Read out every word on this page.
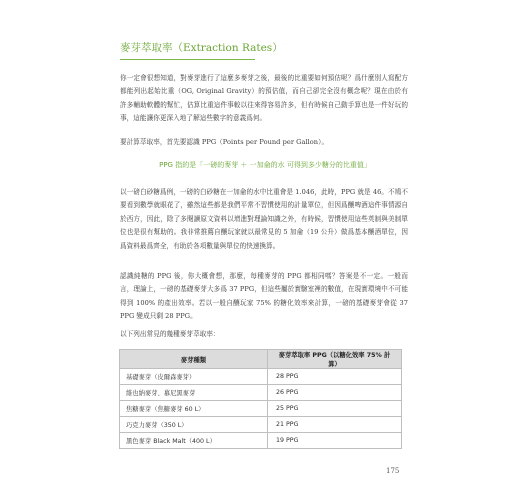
麥芽萃取率（Extraction Rates）

你一定會很想知道，對麥芽進行了這麼多麥芽之後，最後的比重要如何預估呢？爲什麼別人寫配方都能列出起始比重（OG, Original Gravity）的預估值，而自己卻完全沒有概念呢？現在由於有許多輔助軟體的幫忙，估算比重這件事較以往來得容易許多，但有時候自己動手算也是一件好玩的事，這能讓你更深入地了解這些數字的意義爲何。

要計算萃取率，首先要認識 PPG（Points per Pound per Gallon）。

PPG 指的是「一磅的麥芽 ＋ 一加侖的水 可得到多少糖分的比重值」

以一磅白砂糖爲例，一磅的白砂糖在一加侖的水中比重會是 1.046，此時，PPG 就是 46。不鳩不要看到數學就眼花了，雖然這些都是我們平常不習慣使用的計量單位，但因爲釀啤酒這件事情源自於西方，因此，除了多閱讀原文資料以增進對理論知識之外，有時候，習慣使用這些英制與美制單位也是很有幫助的。我非常推薦自釀玩家就以最常見的 5 加侖（19 公升）做爲基本釀酒單位，因爲資料最爲齊全，有助於各項數量與單位的快速換算。

認識純糖的 PPG 後，你大概會想，那麼，每種麥芽的 PPG 都相同嗎？答案是不一定。一般而言，理論上，一磅的基礎麥芽大多爲 37 PPG，但這些屬於實驗室裡的數值，在現實環境中不可能得到 100% 的產出效率。若以一般自釀玩家 75% 的糖化效率來計算，一磅的基礎麥芽會從 37 PPG 變成只剩 28 PPG。

以下列出常見的幾種麥芽萃取率：

麥芽種類	麥芽萃取率 PPG（以糖化效率 75% 計算）
基礎麥芽（皮爾森麥芽）	28 PPG
維也納麥芽、慕尼黑麥芽	26 PPG
焦糖麥芽（焦糖麥芽 60 L）	25 PPG
巧克力麥芽（350 L）	21 PPG
黑色麥芽 Black Malt（400 L）	19 PPG
175
